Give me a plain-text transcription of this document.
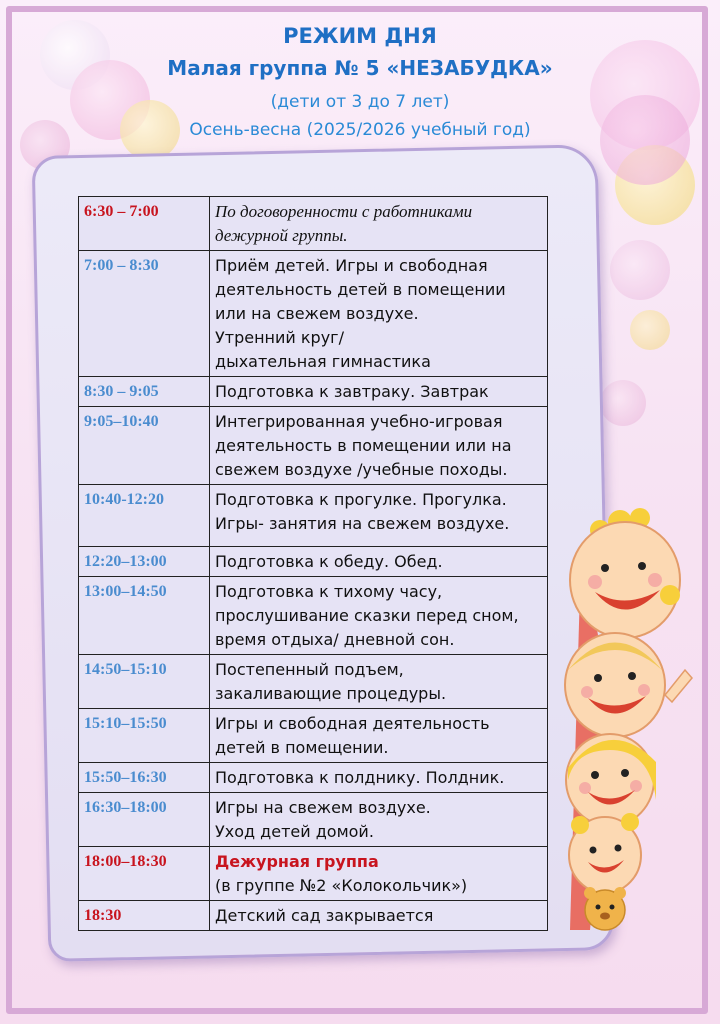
РЕЖИМ ДНЯ
Малая группа № 5 «НЕЗАБУДКА»
(дети от 3 до 7 лет)
Осень-весна (2025/2026 учебный год)
6:30 – 7:00	По договоренности с работниками
дежурной группы.

7:00 – 8:30	Приём детей. Игры и свободная
деятельность детей в помещении
или на свежем воздухе.
Утренний круг/
дыхательная гимнастика

8:30 – 9:05	Подготовка к завтраку. Завтрак

9:05–10:40	Интегрированная учебно-игровая
деятельность в помещении или на
свежем воздухе /учебные походы.

10:40-12:20	Подготовка к прогулке. Прогулка.
Игры- занятия на свежем воздухе.

12:20–13:00	Подготовка к обеду. Обед.

13:00–14:50	Подготовка к тихому часу,
прослушивание сказки перед сном,
время отдыха/ дневной сон.

14:50–15:10	Постепенный подъем,
закаливающие процедуры.

15:10–15:50	Игры и свободная деятельность
детей в помещении.

15:50–16:30	Подготовка к полднику. Полдник.

16:30–18:00	Игры на свежем воздухе.
Уход детей домой.

18:00–18:30	Дежурная группа
(в группе №2 «Колокольчик»)

18:30	Детский сад закрывается
